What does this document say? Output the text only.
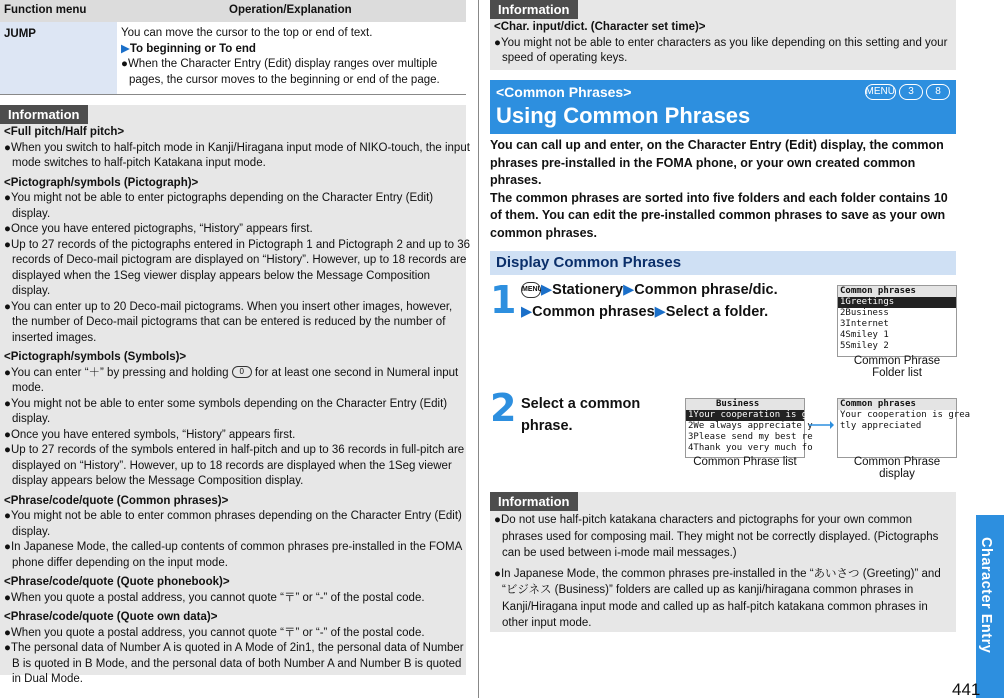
Function menu	Operation/Explanation
JUMP	You can move the cursor to the top or end of text.
▶To beginning or To end
●When the Character Entry (Edit) display ranges over multiple pages, the cursor moves to the beginning or end of the page.
Information
<Full pitch/Half pitch>
●When you switch to half-pitch mode in Kanji/Hiragana input mode of NIKO-touch, the input mode switches to half-pitch Katakana input mode.
<Pictograph/symbols (Pictograph)>
●You might not be able to enter pictographs depending on the Character Entry (Edit) display.
●Once you have entered pictographs, “History” appears first.
●Up to 27 records of the pictographs entered in Pictograph 1 and Pictograph 2 and up to 36 records of Deco-mail pictogram are displayed on “History”. However, up to 18 records are displayed when the 1Seg viewer display appears below the Message Composition display.
●You can enter up to 20 Deco-mail pictograms. When you insert other images, however, the number of Deco-mail pictograms that can be entered is reduced by the number of inserted images.
<Pictograph/symbols (Symbols)>
●You can enter “＋” by pressing and holding 0 for at least one second in Numeral input mode.
●You might not be able to enter some symbols depending on the Character Entry (Edit) display.
●Once you have entered symbols, “History” appears first.
●Up to 27 records of the symbols entered in half-pitch and up to 36 records in full-pitch are displayed on “History”. However, up to 18 records are displayed when the 1Seg viewer display appears below the Message Composition display.
<Phrase/code/quote (Common phrases)>
●You might not be able to enter common phrases depending on the Character Entry (Edit) display.
●In Japanese Mode, the called-up contents of common phrases pre-installed in the FOMA phone differ depending on the input mode.
<Phrase/code/quote (Quote phonebook)>
●When you quote a postal address, you cannot quote “〒” or “-” of the postal code.
<Phrase/code/quote (Quote own data)>
●When you quote a postal address, you cannot quote “〒” or “-” of the postal code.
●The personal data of Number A is quoted in A Mode of 2in1, the personal data of Number B is quoted in B Mode, and the personal data of both Number A and Number B is quoted in Dual Mode.
Information
<Char. input/dict. (Character set time)>
●You might not be able to enter characters as you like depending on this setting and your speed of operating keys.
<Common Phrases>
Using Common Phrases
MENU	3	8
You can call up and enter, on the Character Entry (Edit) display, the common phrases pre-installed in the FOMA phone, or your own created common phrases.
The common phrases are sorted into five folders and each folder contains 10 of them. You can edit the pre-installed common phrases to save as your own common phrases.
Display Common Phrases
1 MENU▶Stationery▶Common phrase/dic.
▶Common phrases▶Select a folder.
Common phrases
1Greetings
2Business
3Internet
4Smiley 1
5Smiley 2
Common Phrase
Folder list
2 Select a common
phrase.
Business
1Your cooperation is gr
2We always appreciate y
3Please send my best re
4Thank you very much fo
Common Phrase list
Common phrases
Your cooperation is grea
tly appreciated
Common Phrase
display
Information
●Do not use half-pitch katakana characters and pictographs for your own common phrases used for composing mail. They might not be correctly displayed. (Pictographs can be used between i-mode mail messages.)
●In Japanese Mode, the common phrases pre-installed in the “あいさつ (Greeting)” and “ビジネス (Business)” folders are called up as kanji/hiragana common phrases in Kanji/Hiragana input mode and called up as half-pitch katakana common phrases in other input mode.	Character Entry
441
